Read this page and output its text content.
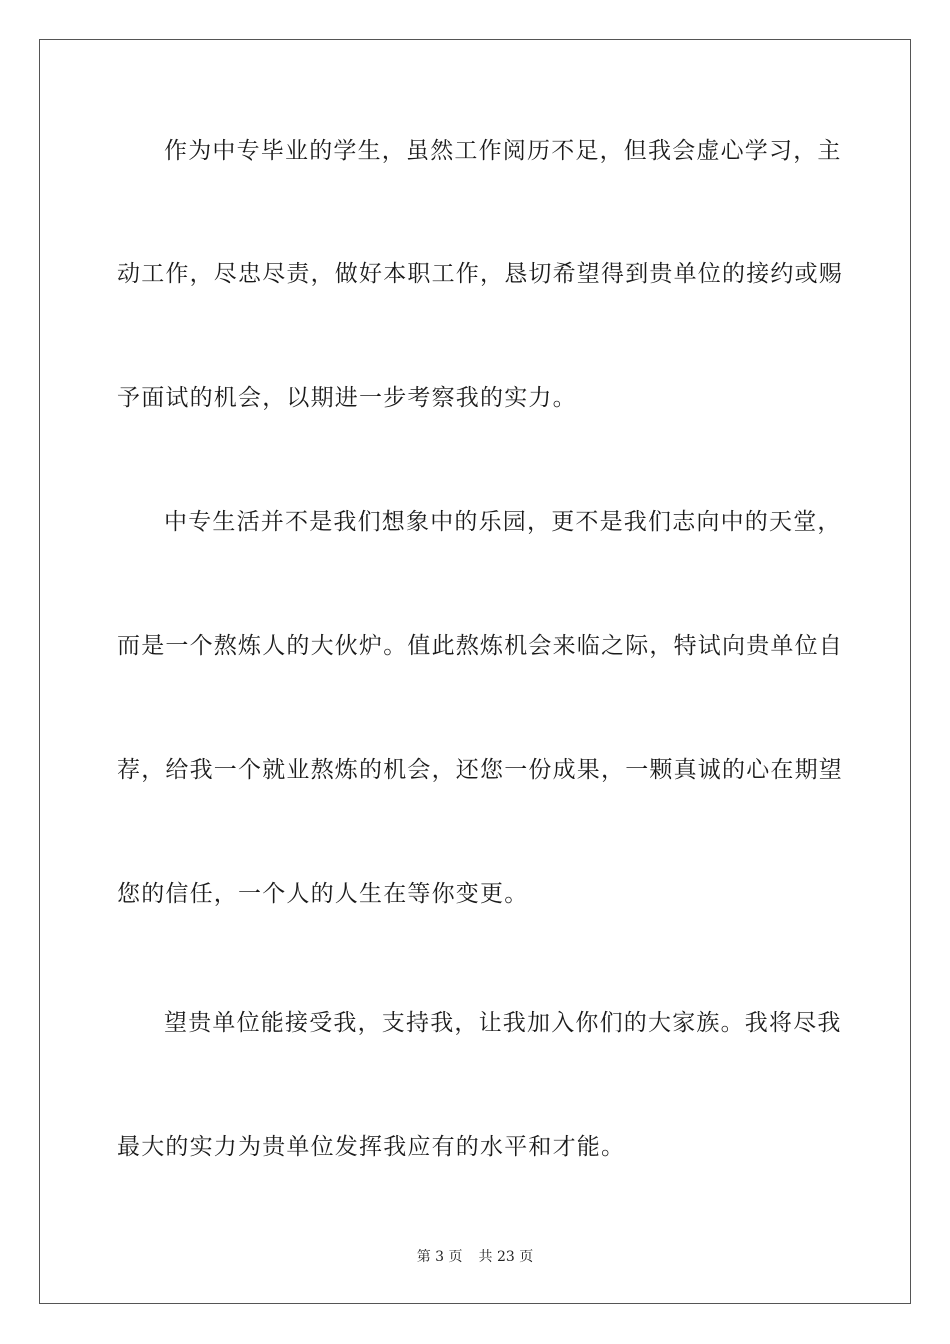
作为中专毕业的学生，虽然工作阅历不足，但我会虚心学习，主
动工作，尽忠尽责，做好本职工作，恳切希望得到贵单位的接约或赐
予面试的机会，以期进一步考察我的实力。
中专生活并不是我们想象中的乐园，更不是我们志向中的天堂，
而是一个熬炼人的大伙炉。值此熬炼机会来临之际，特试向贵单位自
荐，给我一个就业熬炼的机会，还您一份成果，一颗真诚的心在期望
您的信任，一个人的人生在等你变更。
望贵单位能接受我，支持我，让我加入你们的大家族。我将尽我
最大的实力为贵单位发挥我应有的水平和才能。
第 3 页 共 23 页
